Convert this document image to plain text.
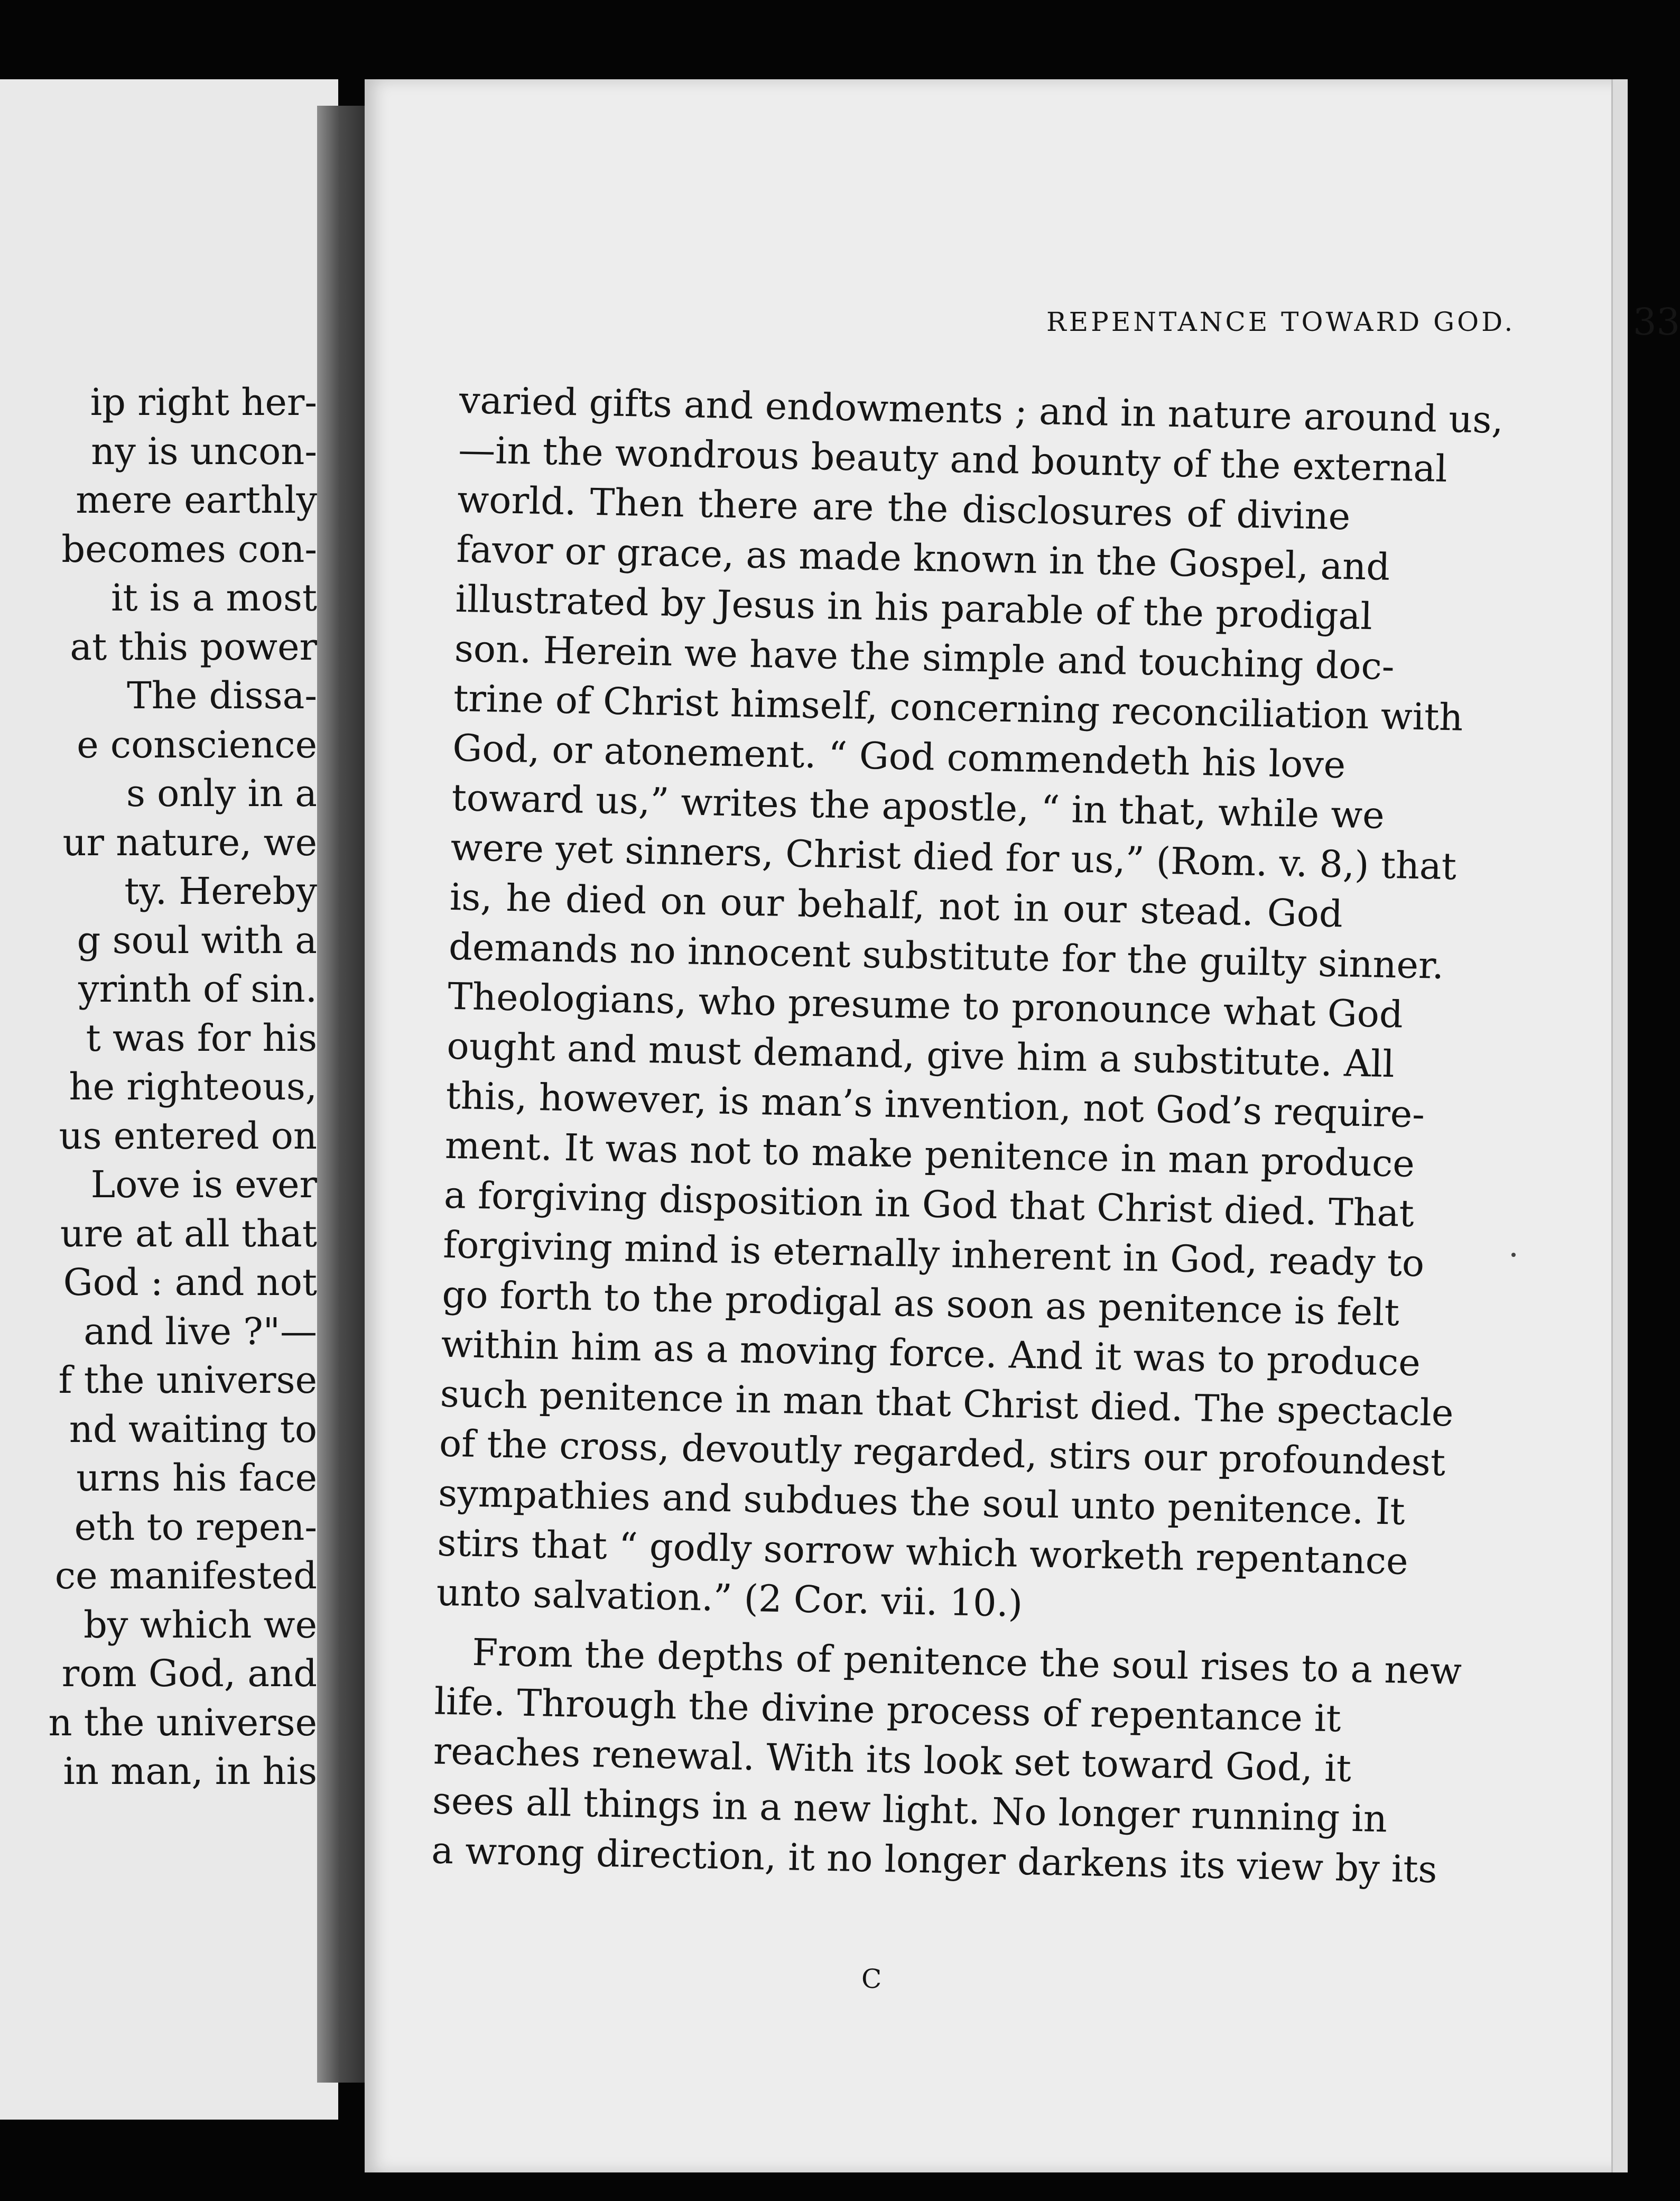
ip right her-
ny is uncon-
mere earthly
becomes con-
it is a most
at this power
The dissa-
e conscience
s only in a
ur nature, we
ty. Hereby
g soul with a
yrinth of sin.
t was for his
he righteous,
us entered on
Love is ever
ure at all that
God : and not
and live ?"—
f the universe
nd waiting to
urns his face
eth to repen-
ce manifested
by which we
rom God, and
n the universe
in man, in his
REPENTANCE TOWARD GOD.	33
varied gifts and endowments ; and in nature around us,
—in the wondrous beauty and bounty of the external
world. Then there are the disclosures of divine
favor or grace, as made known in the Gospel, and
illustrated by Jesus in his parable of the prodigal
son. Herein we have the simple and touching doc-
trine of Christ himself, concerning reconciliation with
God, or atonement. “ God commendeth his love
toward us,” writes the apostle, “ in that, while we
were yet sinners, Christ died for us,” (Rom. v. 8,) that
is, he died on our behalf, not in our stead. God
demands no innocent substitute for the guilty sinner.
Theologians, who presume to pronounce what God
ought and must demand, give him a substitute. All
this, however, is man’s invention, not God’s require-
ment. It was not to make penitence in man produce
a forgiving disposition in God that Christ died. That
forgiving mind is eternally inherent in God, ready to
go forth to the prodigal as soon as penitence is felt
within him as a moving force. And it was to produce
such penitence in man that Christ died. The spectacle
of the cross, devoutly regarded, stirs our profoundest
sympathies and subdues the soul unto penitence. It
stirs that “ godly sorrow which worketh repentance
unto salvation.” (2 Cor. vii. 10.)
From the depths of penitence the soul rises to a new
life. Through the divine process of repentance it
reaches renewal. With its look set toward God, it
sees all things in a new light. No longer running in
a wrong direction, it no longer darkens its view by its
C
